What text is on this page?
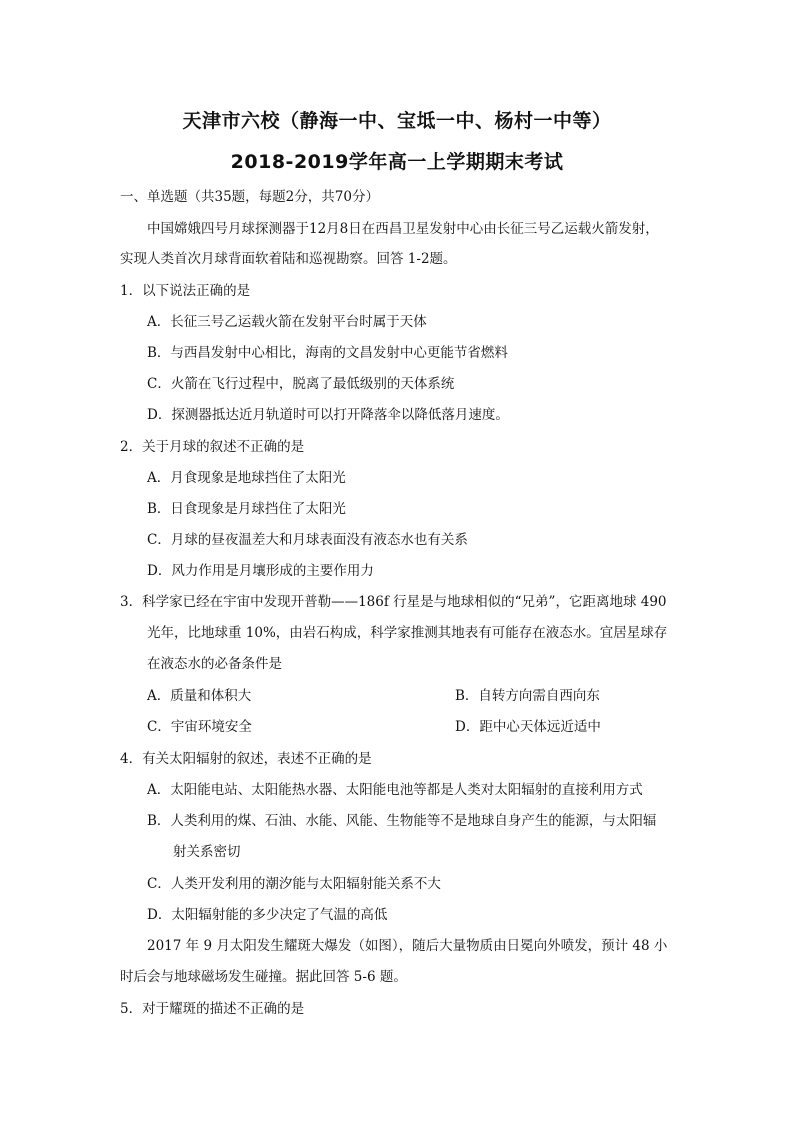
天津市六校（静海一中、宝坻一中、杨村一中等）
2018-2019学年高一上学期期末考试
一、单选题（共35题，每题2分，共70分）
中国嫦娥四号月球探测器于12月8日在西昌卫星发射中心由长征三号乙运载火箭发射，
实现人类首次月球背面软着陆和巡视勘察。回答 1-2题。
1．以下说法正确的是
A．长征三号乙运载火箭在发射平台时属于天体
B．与西昌发射中心相比，海南的文昌发射中心更能节省燃料
C．火箭在飞行过程中，脱离了最低级别的天体系统
D．探测器抵达近月轨道时可以打开降落伞以降低落月速度。
2．关于月球的叙述不正确的是
A．月食现象是地球挡住了太阳光
B．日食现象是月球挡住了太阳光
C．月球的昼夜温差大和月球表面没有液态水也有关系
D．风力作用是月壤形成的主要作用力
3．科学家已经在宇宙中发现开普勒——186f 行星是与地球相似的“兄弟”，它距离地球 490
光年，比地球重 10%，由岩石构成，科学家推测其地表有可能存在液态水。宜居星球存
在液态水的必备条件是
A．质量和体积大	B．自转方向需自西向东
C．宇宙环境安全	D．距中心天体远近适中
4．有关太阳辐射的叙述，表述不正确的是
A．太阳能电站、太阳能热水器、太阳能电池等都是人类对太阳辐射的直接利用方式
B．人类利用的煤、石油、水能、风能、生物能等不是地球自身产生的能源，与太阳辐
射关系密切
C．人类开发利用的潮汐能与太阳辐射能关系不大
D．太阳辐射能的多少决定了气温的高低
2017 年 9 月太阳发生耀斑大爆发（如图），随后大量物质由日冕向外喷发，预计 48 小
时后会与地球磁场发生碰撞。据此回答 5-6 题。
5．对于耀斑的描述不正确的是
